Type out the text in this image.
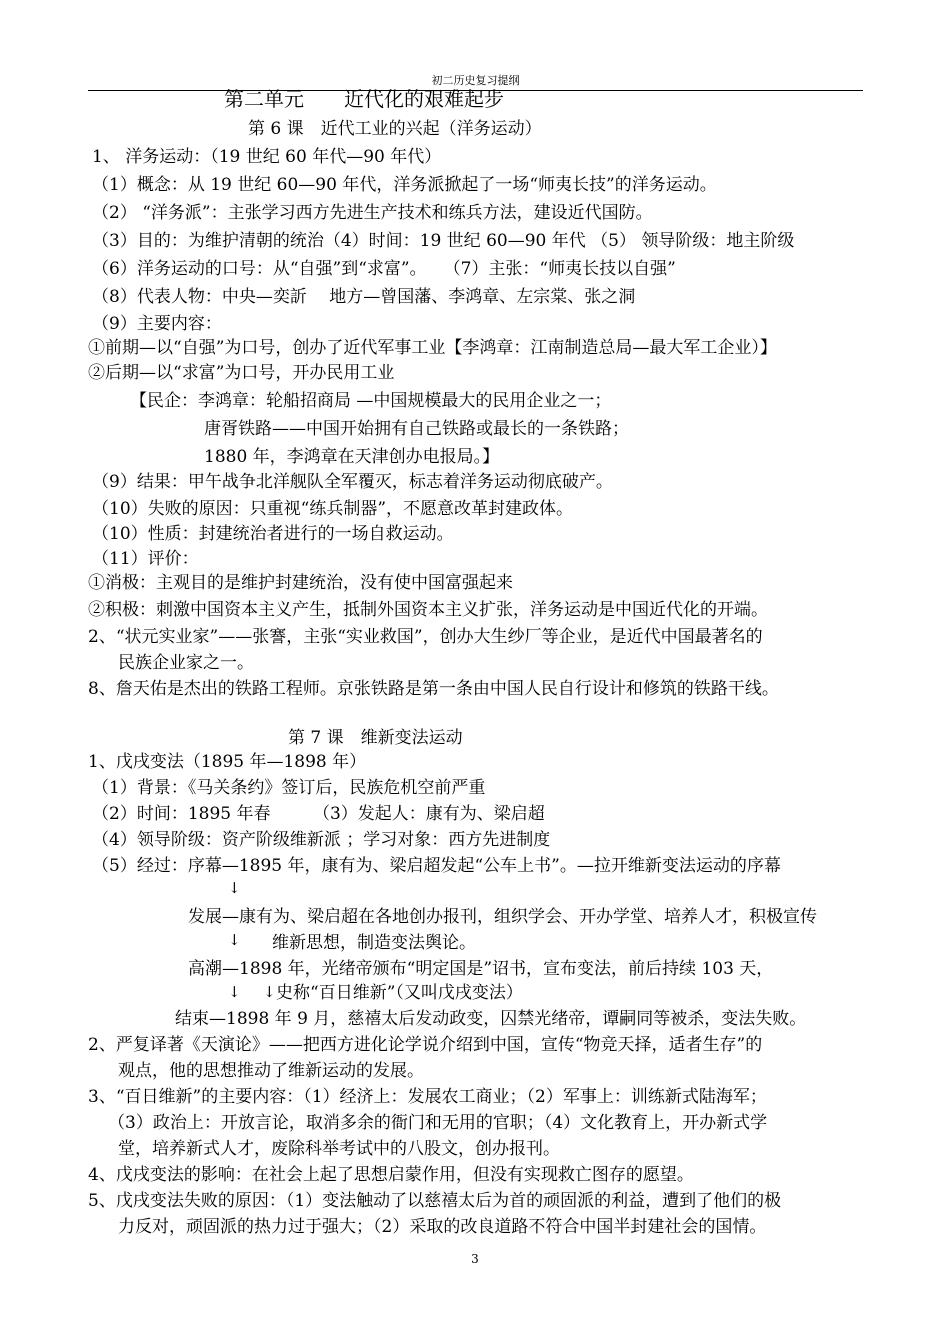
初二历史复习提纲
第二单元　　近代化的艰难起步
第 6 课　近代工业的兴起（洋务运动）
1、 洋务运动：（19 世纪 60 年代—90 年代）
（1）概念：从 19 世纪 60—90 年代，洋务派掀起了一场“师夷长技”的洋务运动。
（2） “洋务派”：主张学习西方先进生产技术和练兵方法，建设近代国防。
（3）目的：为维护清朝的统治（4）时间：19 世纪 60—90 年代 （5） 领导阶级：地主阶级
（6）洋务运动的口号：从“自强”到“求富”。　　（7）主张：“师夷长技以自强”
（8）代表人物：中央—奕訢　 地方—曾国藩、李鸿章、左宗棠、张之洞
（9）主要内容：
①前期—以“自强”为口号，创办了近代军事工业【李鸿章：江南制造总局—最大军工企业）】
②后期—以“求富”为口号，开办民用工业
【民企：李鸿章：轮船招商局 —中国规模最大的民用企业之一；
唐胥铁路——中国开始拥有自己铁路或最长的一条铁路；
1880 年，李鸿章在天津创办电报局。】
（9）结果：甲午战争北洋舰队全军覆灭，标志着洋务运动彻底破产。
（10）失败的原因：只重视“练兵制器”，不愿意改革封建政体。
（10）性质：封建统治者进行的一场自救运动。
（11）评价：
①消极：主观目的是维护封建统治，没有使中国富强起来
②积极：刺激中国资本主义产生，抵制外国资本主义扩张，洋务运动是中国近代化的开端。
2、“状元实业家”——张謇，主张“实业救国”，创办大生纱厂等企业，是近代中国最著名的
民族企业家之一。
8、詹天佑是杰出的铁路工程师。京张铁路是第一条由中国人民自行设计和修筑的铁路干线。
第 7 课　维新变法运动
1、戊戌变法（1895 年—1898 年）
（1）背景：《马关条约》签订后，民族危机空前严重
（2）时间：1895 年春　　　（3）发起人：康有为、梁启超
（4）领导阶级：资产阶级维新派 ；学习对象：西方先进制度
（5）经过：序幕—1895 年，康有为、梁启超发起“公车上书”。—拉开维新变法运动的序幕
↓
发展—康有为、梁启超在各地创办报刊，组织学会、开办学堂、培养人才，积极宣传
↓ 维新思想，制造变法舆论。
高潮—1898 年，光绪帝颁布“明定国是”诏书，宣布变法，前后持续 103 天，
↓ ↓ 史称“百日维新”（又叫戊戌变法）
结束—1898 年 9 月，慈禧太后发动政变，囚禁光绪帝，谭嗣同等被杀，变法失败。
2、严复译著《天演论》——把西方进化论学说介绍到中国，宣传“物竞天择，适者生存”的
观点，他的思想推动了维新运动的发展。
3、“百日维新”的主要内容：（1）经济上：发展农工商业；（2）军事上：训练新式陆海军；
（3）政治上：开放言论，取消多余的衙门和无用的官职；（4）文化教育上，开办新式学
堂，培养新式人才，废除科举考试中的八股文，创办报刊。
4、戊戌变法的影响：在社会上起了思想启蒙作用，但没有实现救亡图存的愿望。
5、戊戌变法失败的原因：（1）变法触动了以慈禧太后为首的顽固派的利益，遭到了他们的极
力反对，顽固派的热力过于强大；（2）采取的改良道路不符合中国半封建社会的国情。
3
